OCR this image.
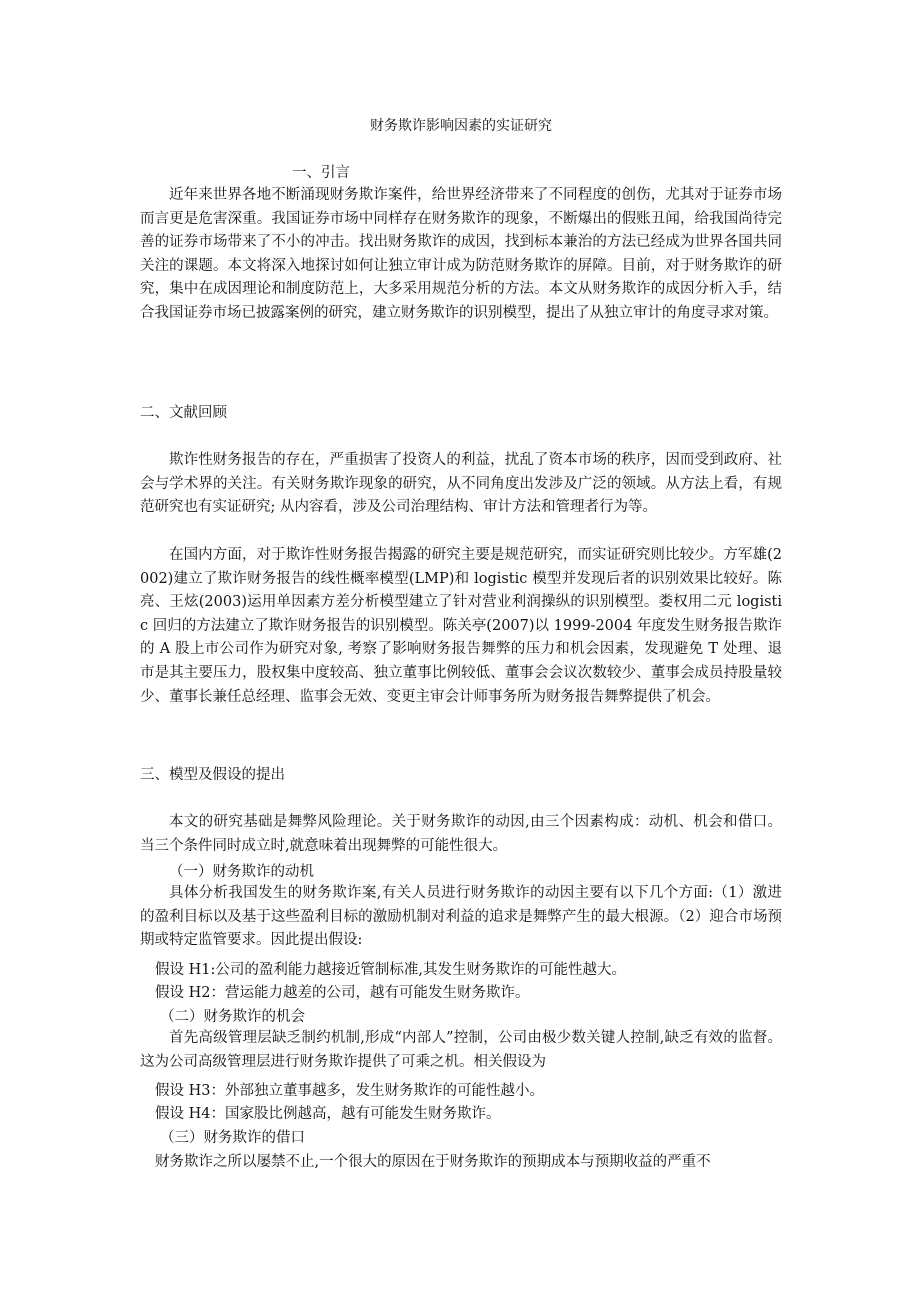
财务欺诈影响因素的实证研究
一、引言
近年来世界各地不断涌现财务欺诈案件，给世界经济带来了不同程度的创伤，尤其对于证券市场而言更是危害深重。我国证券市场中同样存在财务欺诈的现象，不断爆出的假账丑闻，给我国尚待完善的证券市场带来了不小的冲击。找出财务欺诈的成因，找到标本兼治的方法已经成为世界各国共同关注的课题。本文将深入地探讨如何让独立审计成为防范财务欺诈的屏障。目前，对于财务欺诈的研究，集中在成因理论和制度防范上，大多采用规范分析的方法。本文从财务欺诈的成因分析入手，结合我国证券市场已披露案例的研究，建立财务欺诈的识别模型，提出了从独立审计的角度寻求对策。
二、文献回顾
欺诈性财务报告的存在，严重损害了投资人的利益，扰乱了资本市场的秩序，因而受到政府、社会与学术界的关注。有关财务欺诈现象的研究，从不同角度出发涉及广泛的领域。从方法上看，有规范研究也有实证研究; 从内容看，涉及公司治理结构、审计方法和管理者行为等。
在国内方面，对于欺诈性财务报告揭露的研究主要是规范研究，而实证研究则比较少。方军雄(2002)建立了欺诈财务报告的线性概率模型(LMP)和 logistic 模型并发现后者的识别效果比较好。陈亮、王炫(2003)运用单因素方差分析模型建立了针对营业利润操纵的识别模型。娄权用二元 logistic 回归的方法建立了欺诈财务报告的识别模型。陈关亭(2007)以 1999-2004 年度发生财务报告欺诈的 A 股上市公司作为研究对象, 考察了影响财务报告舞弊的压力和机会因素，发现避免 T 处理、退市是其主要压力，股权集中度较高、独立董事比例较低、董事会会议次数较少、董事会成员持股量较少、董事长兼任总经理、监事会无效、变更主审会计师事务所为财务报告舞弊提供了机会。
三、模型及假设的提出
本文的研究基础是舞弊风险理论。关于财务欺诈的动因,由三个因素构成：动机、机会和借口。当三个条件同时成立时,就意味着出现舞弊的可能性很大。
（一）财务欺诈的动机
具体分析我国发生的财务欺诈案,有关人员进行财务欺诈的动因主要有以下几个方面:（1）激进的盈利目标以及基于这些盈利目标的激励机制对利益的追求是舞弊产生的最大根源。（2）迎合市场预期或特定监管要求。因此提出假设:
假设 H1:公司的盈利能力越接近管制标准,其发生财务欺诈的可能性越大。
假设 H2：营运能力越差的公司，越有可能发生财务欺诈。
（二）财务欺诈的机会
首先高级管理层缺乏制约机制,形成“内部人”控制，公司由极少数关键人控制,缺乏有效的监督。这为公司高级管理层进行财务欺诈提供了可乘之机。相关假设为
假设 H3：外部独立董事越多，发生财务欺诈的可能性越小。
假设 H4：国家股比例越高，越有可能发生财务欺诈。
（三）财务欺诈的借口
财务欺诈之所以屡禁不止,一个很大的原因在于财务欺诈的预期成本与预期收益的严重不
